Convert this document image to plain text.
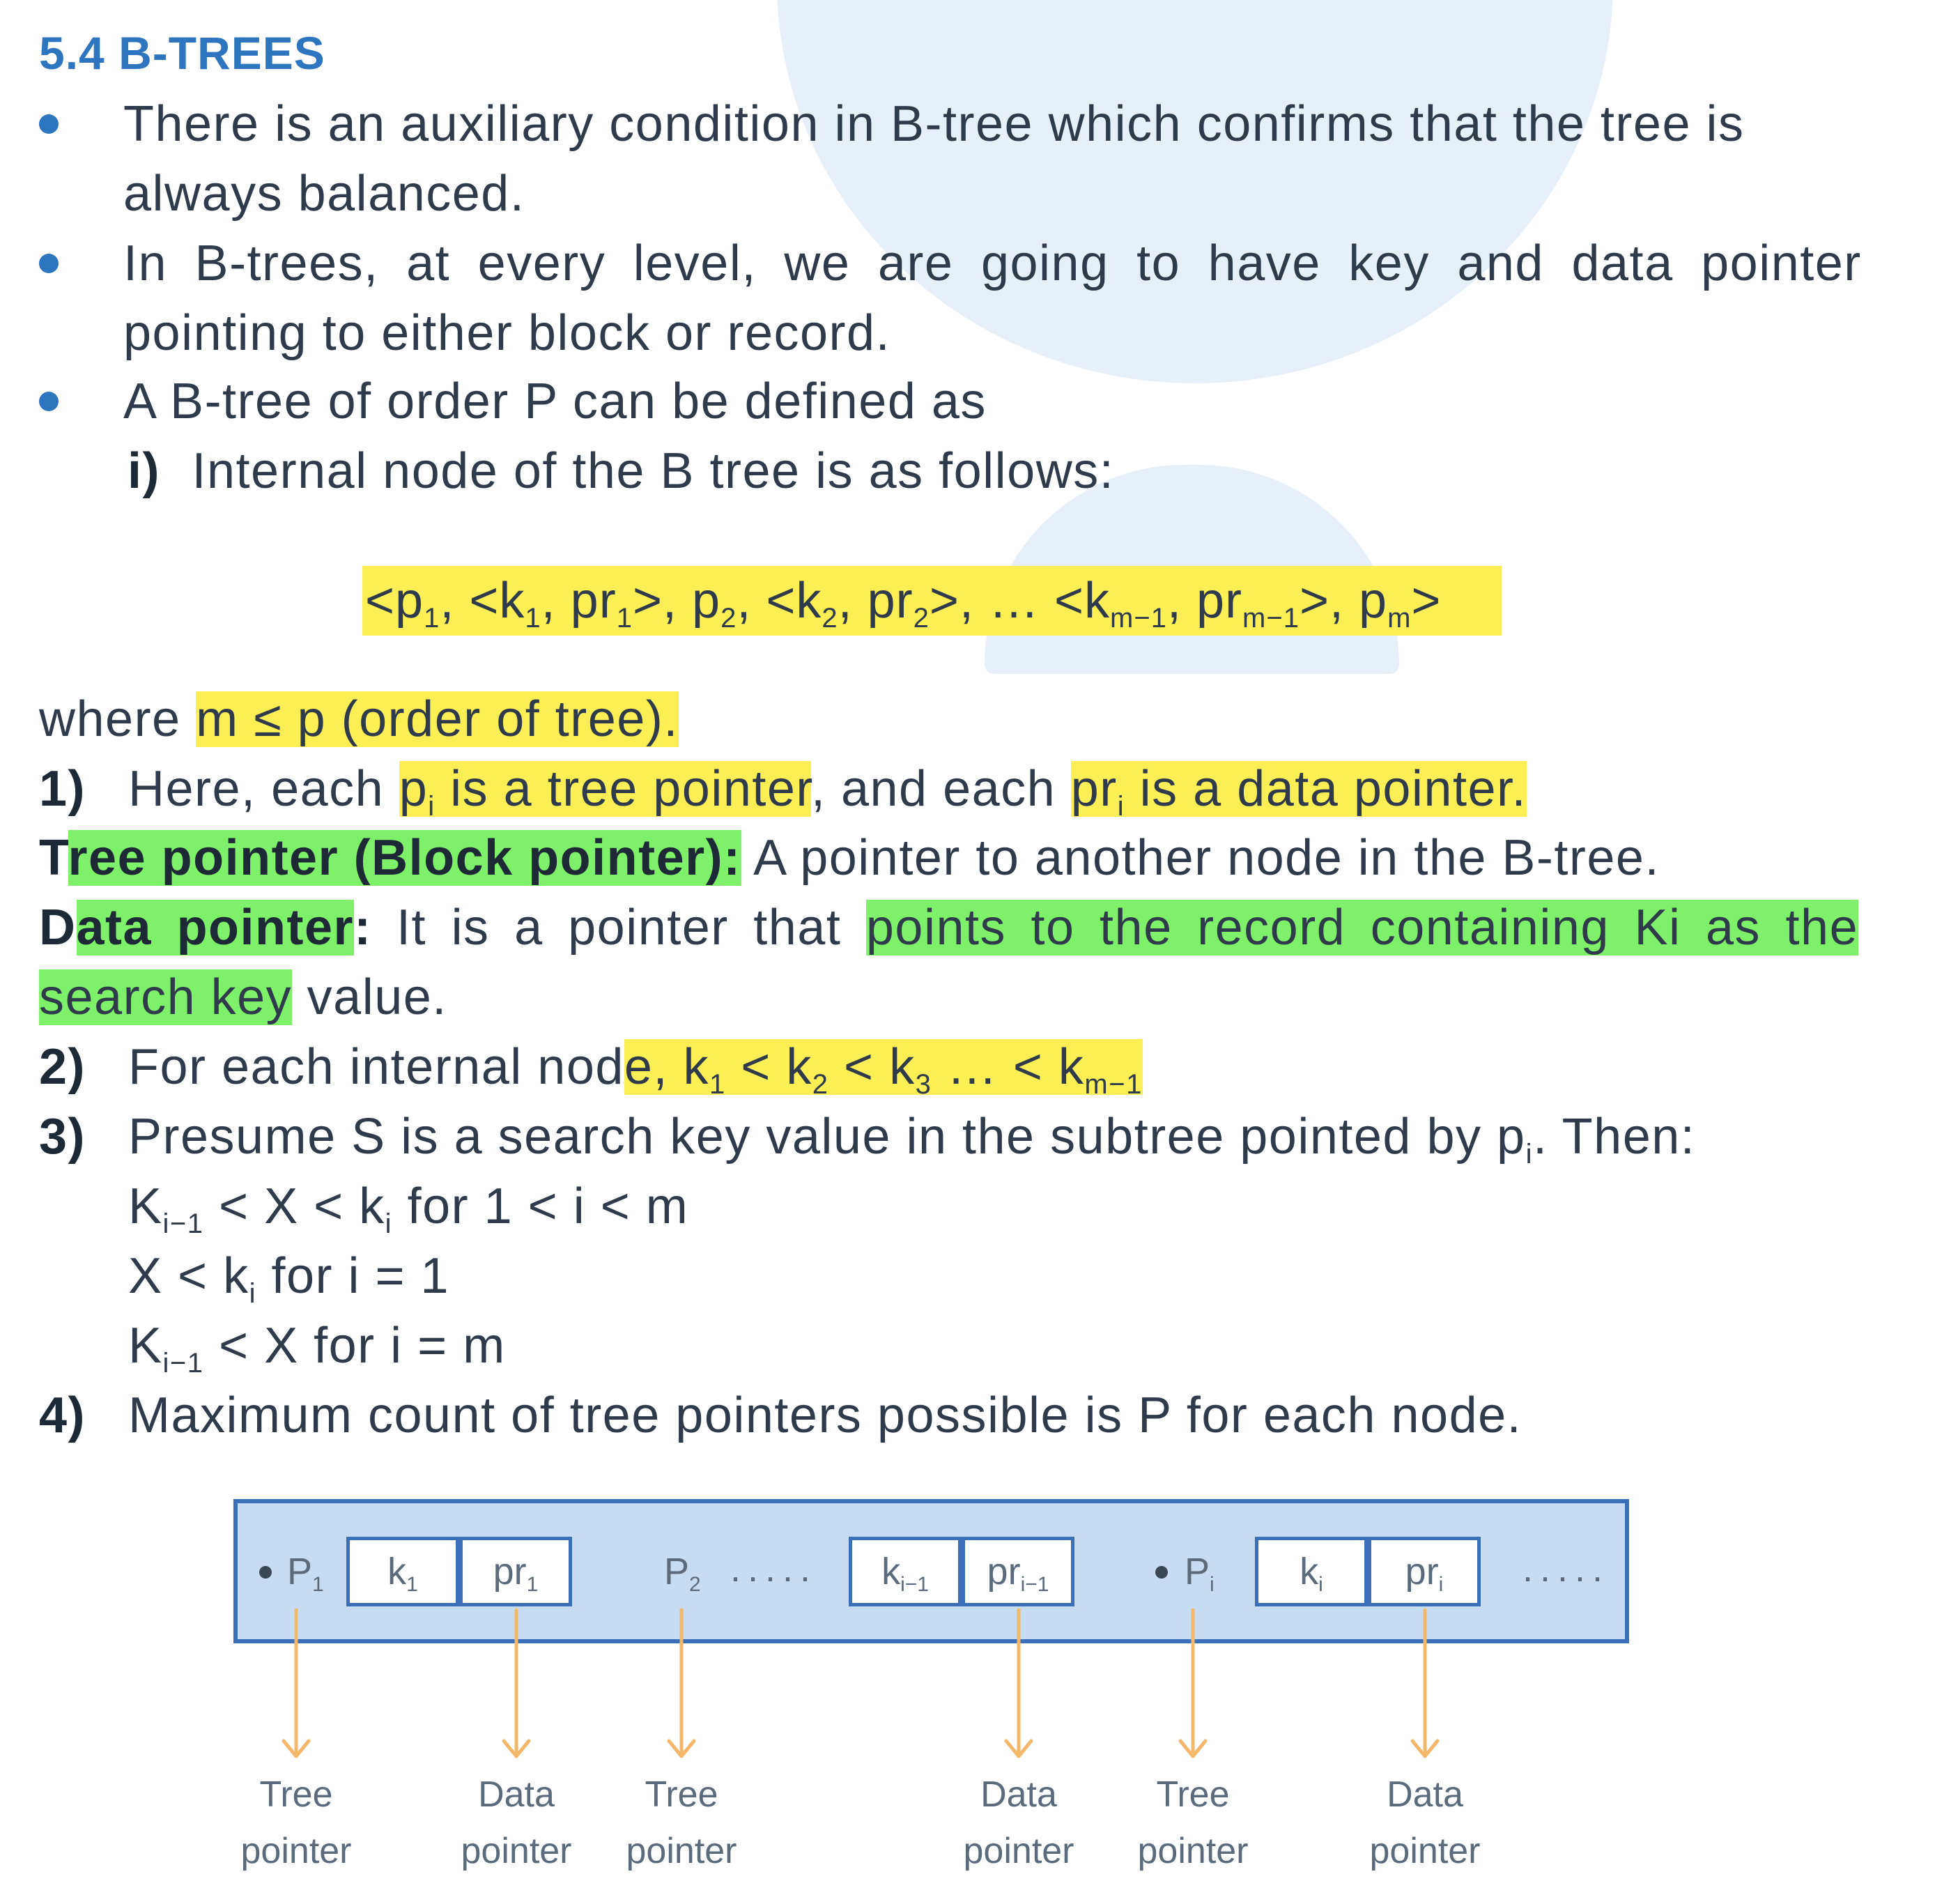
5.4 B-TREES

There is an auxiliary condition in B-tree which confirms that the tree is

always balanced.

In B-trees, at every level, we are going to have key and data pointer

pointing to either block or record.

A B-tree of order P can be defined as

i) Internal node of the B tree is as follows:

$<p_1$, $<k_1$, $pr_1>$, $p_2$, $<k_2$, $pr_2>$, … $<k_{m-1}$, $pr_{m-1}>$, $p_m>$

where m ≤ p (order of tree).

1) Here, each $p_i$ is a tree pointer, and each $pr_i$ is a data pointer.

Tree pointer (Block pointer): A pointer to another node in the B-tree.

Data pointer: It is a pointer that points to the record containing Ki as the

search key value.

2) For each internal node, $k_1 < k_2 < k_3$ … < $k_{m-1}$

3) Presume S is a search key value in the subtree pointed by $p_i$. Then:

$K_{i-1} < X < k_i$ for 1 < i < m

$X < k_i$ for i = 1

$K_{i-1} < X$ for i = m

4) Maximum count of tree pointers possible is P for each node.

$P_1$	$k_1$	$pr_1$	$P_2$ .....	$k_{i-1}$	$pr_{i-1}$	$P_i$	$k_i$	$pr_i$	.....
Tree
pointer
Data
pointer
Tree
pointer
Data
pointer
Tree
pointer
Data
pointer
